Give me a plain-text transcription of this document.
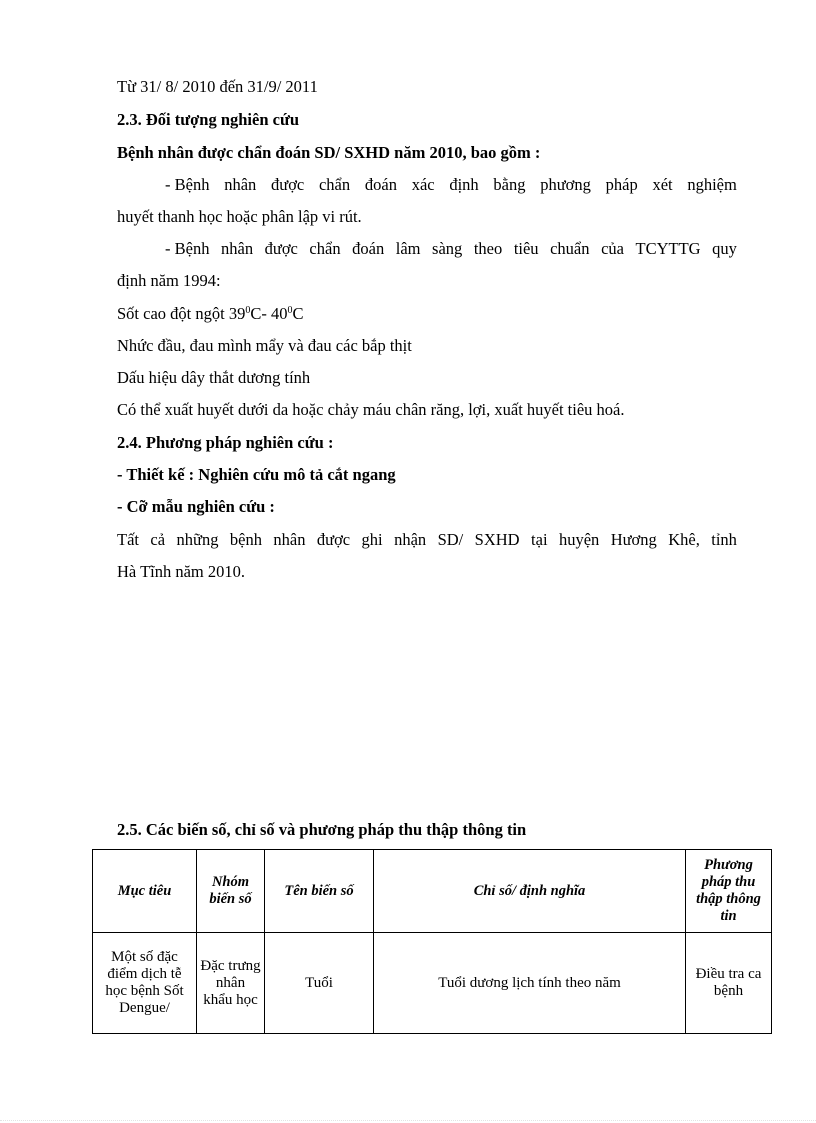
Từ 31/ 8/ 2010 đến 31/9/ 2011
2.3. Đối tượng nghiên cứu
Bệnh nhân được chẩn đoán SD/ SXHD năm 2010, bao gồm :
- Bệnh nhân được chẩn đoán xác định bằng phương pháp xét nghiệm
huyết thanh học hoặc phân lập vi rút.
- Bệnh nhân được chẩn đoán lâm sàng theo tiêu chuẩn của TCYTTG quy
định năm 1994:
Sốt cao đột ngột $39^0C-$ $40^0C$
Nhức đầu, đau mình mẩy và đau các bắp thịt
Dấu hiệu dây thắt dương tính
Có thể xuất huyết dưới da hoặc chảy máu chân răng, lợi, xuất huyết tiêu hoá.
2.4. Phương pháp nghiên cứu :
- Thiết kế : Nghiên cứu mô tả cắt ngang
- Cỡ mẫu nghiên cứu :
Tất cả những bệnh nhân được ghi nhận SD/ SXHD tại huyện Hương Khê, tỉnh
Hà Tĩnh năm 2010.
2.5. Các biến số, chỉ số và phương pháp thu thập thông tin
Mục tiêu	Nhóm biến số	Tên biến số	Chỉ số/ định nghĩa	Phương pháp thu thập thông tin
Một số đặc điểm dịch tễ học bệnh Sốt Dengue/	Đặc trưng nhân khẩu học	Tuổi	Tuổi dương lịch tính theo năm	Điều tra ca bệnh
